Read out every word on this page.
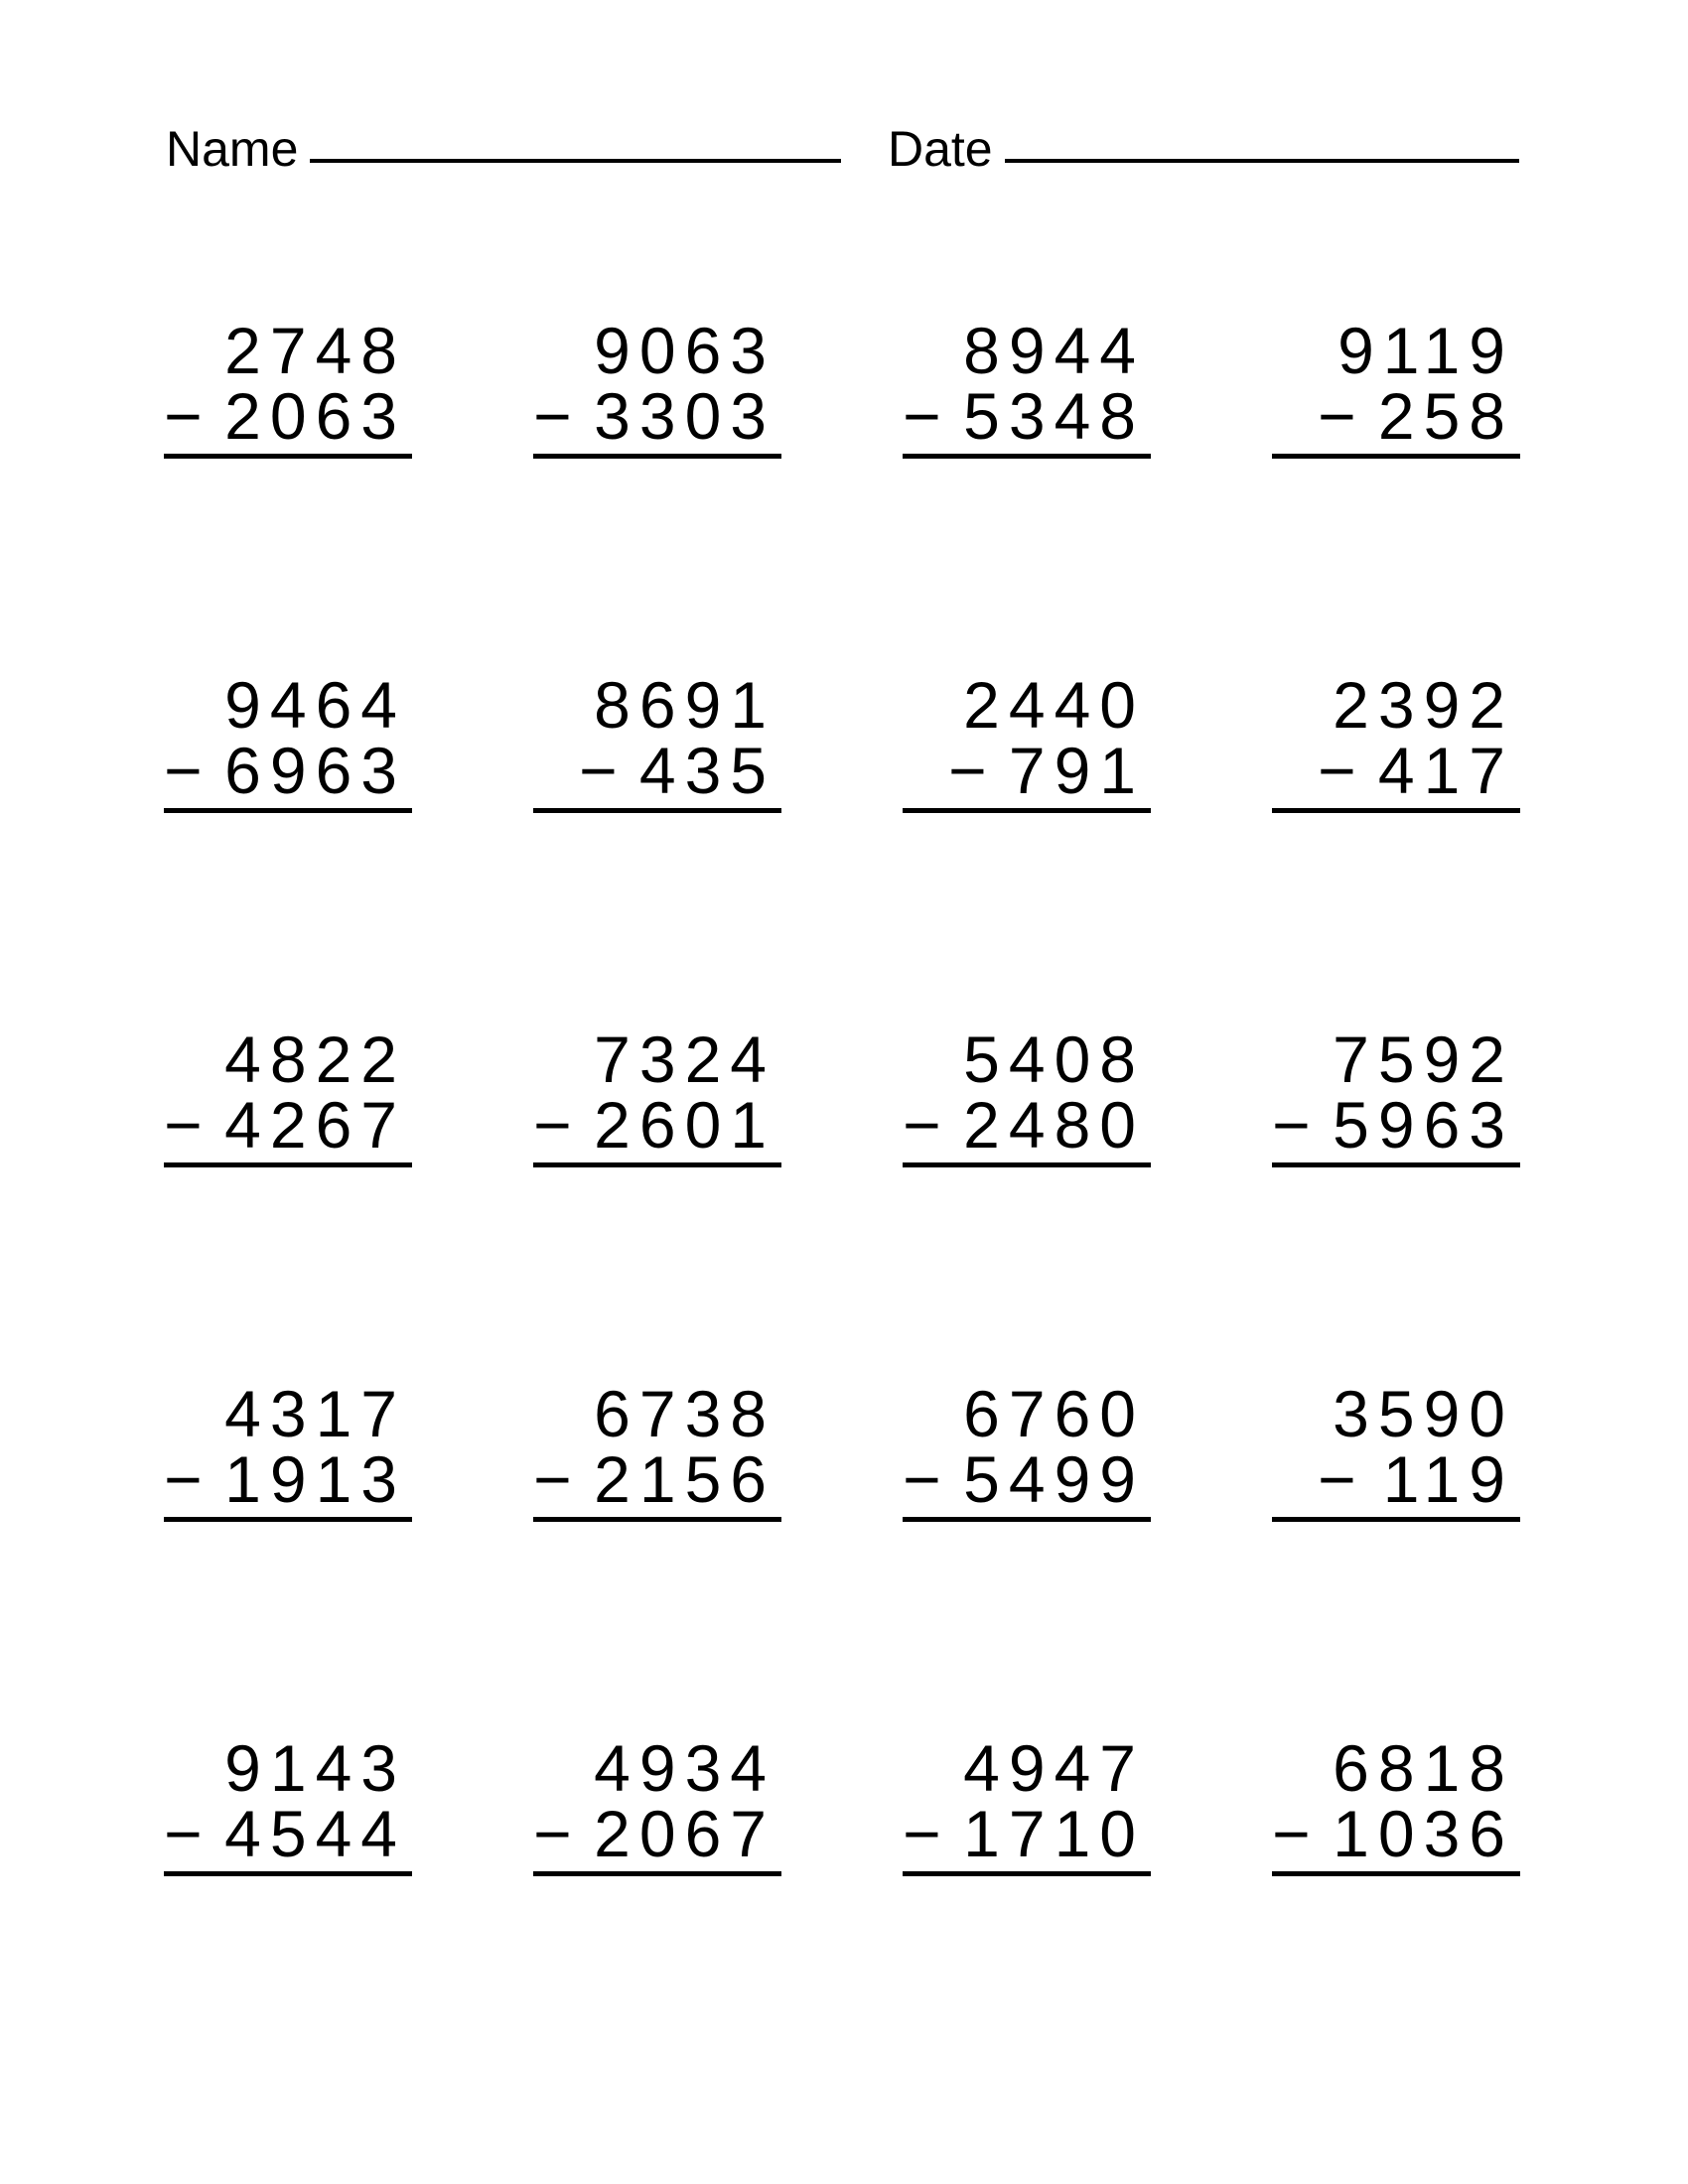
Name	Date
2748
− 2063
9063
− 3303
8944
− 5348
9119
− 258
9464
− 6963
8691
− 435
2440
− 791
2392
− 417
4822
− 4267
7324
− 2601
5408
− 2480
7592
− 5963
4317
− 1913
6738
− 2156
6760
− 5499
3590
− 119
9143
− 4544
4934
− 2067
4947
− 1710
6818
− 1036
